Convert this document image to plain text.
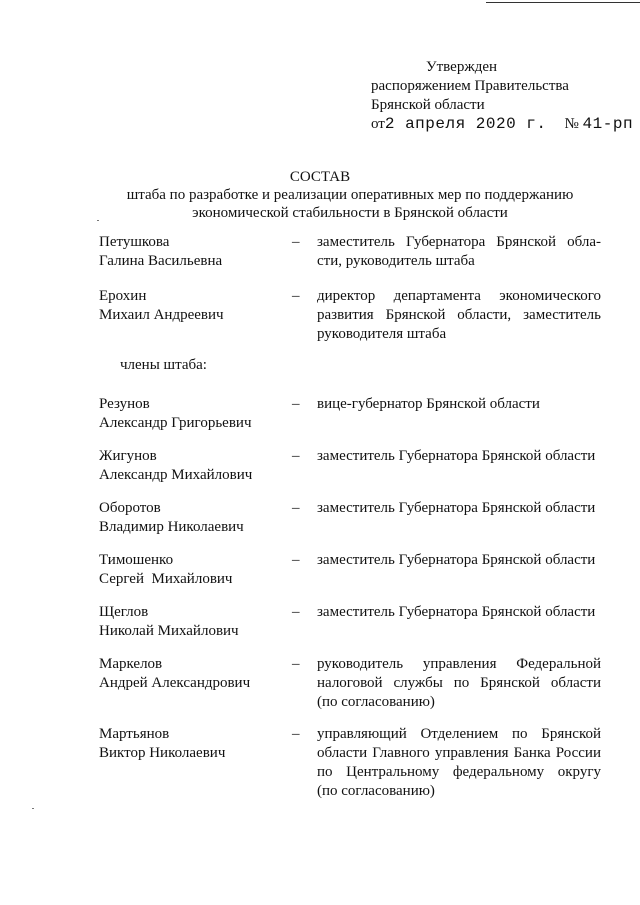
Утвержден
распоряжением Правительства
Брянской области
от2 апреля 2020 г. № 41-рп
СОСТАВ
штаба по разработке и реализации оперативных мер по поддержанию
экономической стабильности в Брянской области
Петушкова
Галина Васильевна
– заместитель Губернатора Брянской обла-
сти, руководитель штаба
Ерохин
Михаил Андреевич
– директор департамента экономического
развития Брянской области, заместитель
руководителя штаба
члены штаба:
Резунов
Александр Григорьевич
– вице-губернатор Брянской области
Жигунов
Александр Михайлович
– заместитель Губернатора Брянской области
Оборотов
Владимир Николаевич
– заместитель Губернатора Брянской области
Тимошенко
Сергей  Михайлович
– заместитель Губернатора Брянской области
Щеглов
Николай Михайлович
– заместитель Губернатора Брянской области
Маркелов
Андрей Александрович
– руководитель управления Федеральной
налоговой службы по Брянской области
(по согласованию)
Мартьянов
Виктор Николаевич
– управляющий Отделением по Брянской
области Главного управления Банка России
по Центральному федеральному округу
(по согласованию)
